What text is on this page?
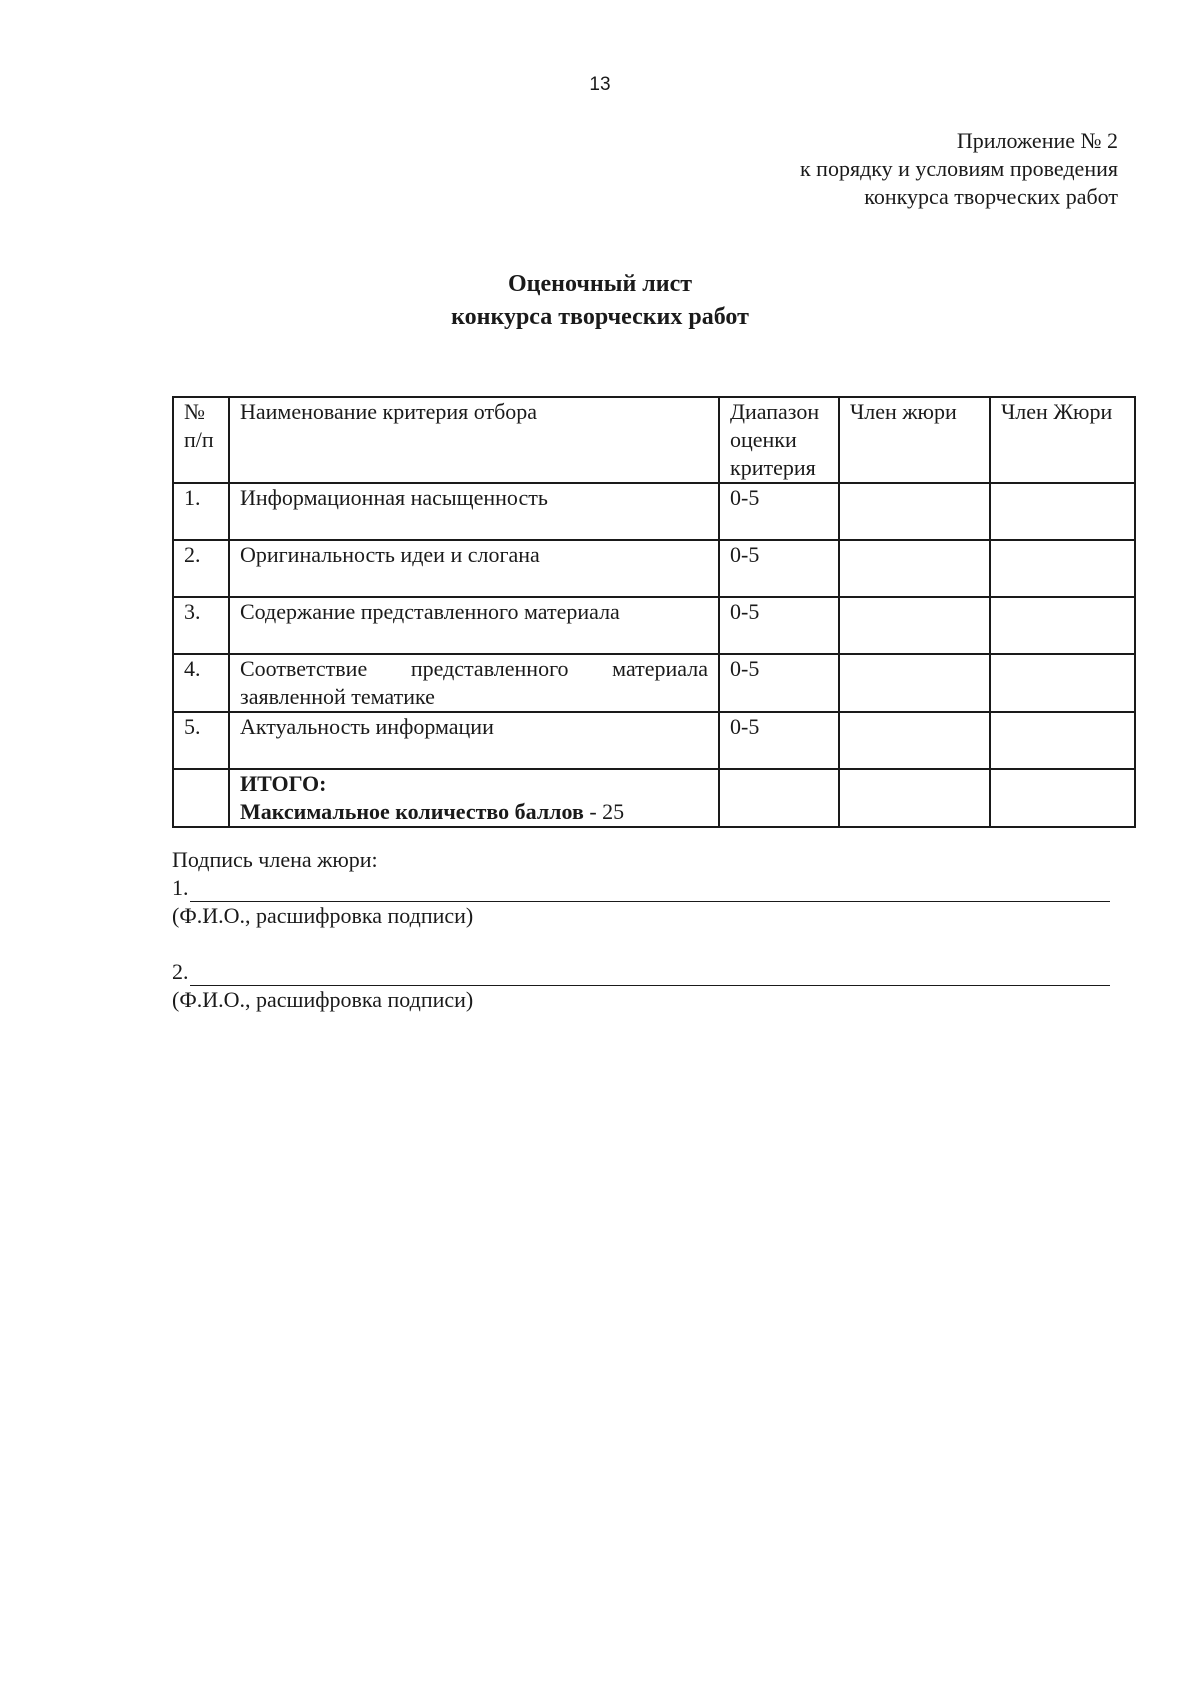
13
Приложение № 2
к порядку и условиям проведения
конкурса творческих работ
Оценочный лист
конкурса творческих работ
№ п/п	Наименование критерия отбора	Диапазон оценки критерия	Член жюри	Член Жюри
1.	Информационная насыщенность	0-5		
2.	Оригинальность идеи и слогана	0-5		
3.	Содержание представленного материала	0-5		
4.	Соответствие представленного материала заявленной тематике	0-5		
5.	Актуальность информации	0-5		

	ИТОГО:
Максимальное количество баллов - 25			

Подпись члена жюри:
1.
(Ф.И.О., расшифровка подписи)
2.
(Ф.И.О., расшифровка подписи)
